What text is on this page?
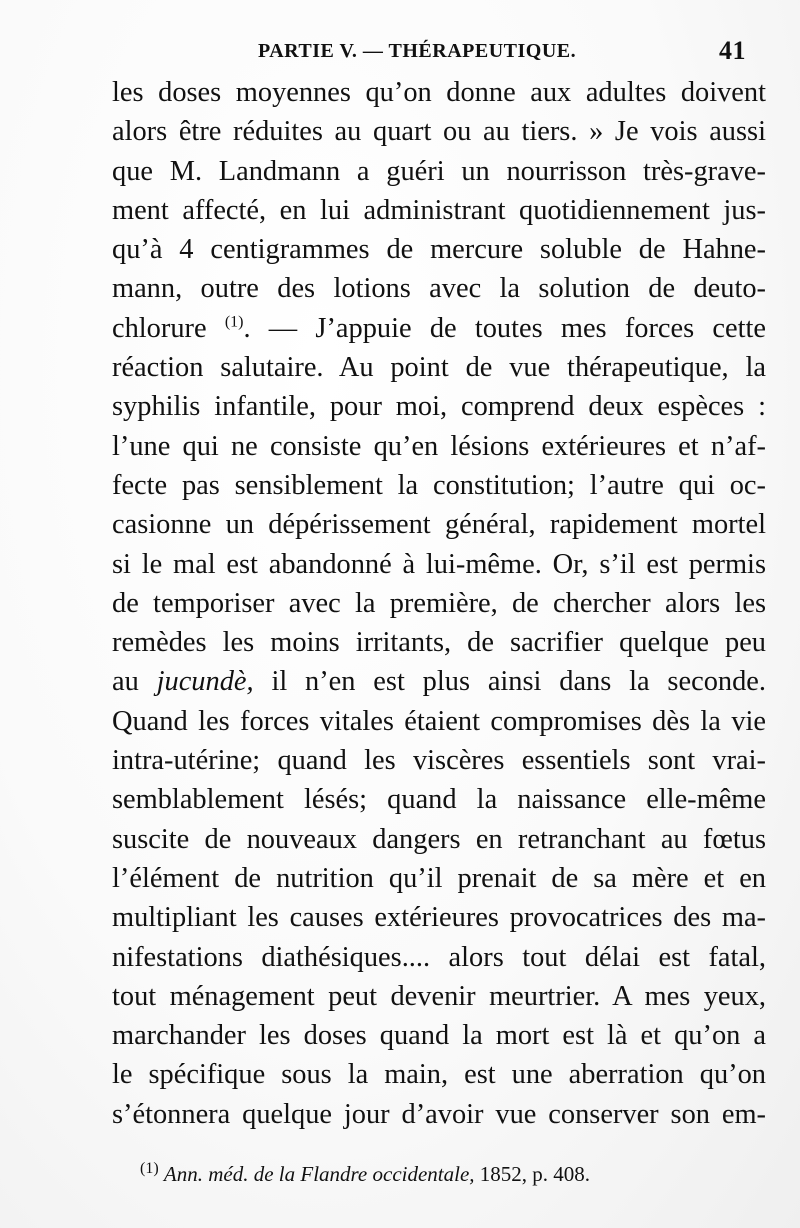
PARTIE V. — THÉRAPEUTIQUE.	41
les doses moyennes qu’on donne aux adultes doivent
alors être réduites au quart ou au tiers. » Je vois aussi
que M. Landmann a guéri un nourrisson très-grave-
ment affecté, en lui administrant quotidiennement jus-
qu’à 4 centigrammes de mercure soluble de Hahne-
mann, outre des lotions avec la solution de deuto-
chlorure $^{(1)}$. — J’appuie de toutes mes forces cette
réaction salutaire. Au point de vue thérapeutique, la
syphilis infantile, pour moi, comprend deux espèces :
l’une qui ne consiste qu’en lésions extérieures et n’af-
fecte pas sensiblement la constitution; l’autre qui oc-
casionne un dépérissement général, rapidement mortel
si le mal est abandonné à lui-même. Or, s’il est permis
de temporiser avec la première, de chercher alors les
remèdes les moins irritants, de sacrifier quelque peu
au jucundè, il n’en est plus ainsi dans la seconde.
Quand les forces vitales étaient compromises dès la vie
intra-utérine; quand les viscères essentiels sont vrai-
semblablement lésés; quand la naissance elle-même
suscite de nouveaux dangers en retranchant au fœtus
l’élément de nutrition qu’il prenait de sa mère et en
multipliant les causes extérieures provocatrices des ma-
nifestations diathésiques.... alors tout délai est fatal,
tout ménagement peut devenir meurtrier. A mes yeux,
marchander les doses quand la mort est là et qu’on a
le spécifique sous la main, est une aberration qu’on
s’étonnera quelque jour d’avoir vue conserver son em-
$^{(1)}$ Ann. méd. de la Flandre occidentale, 1852, p. 408.
